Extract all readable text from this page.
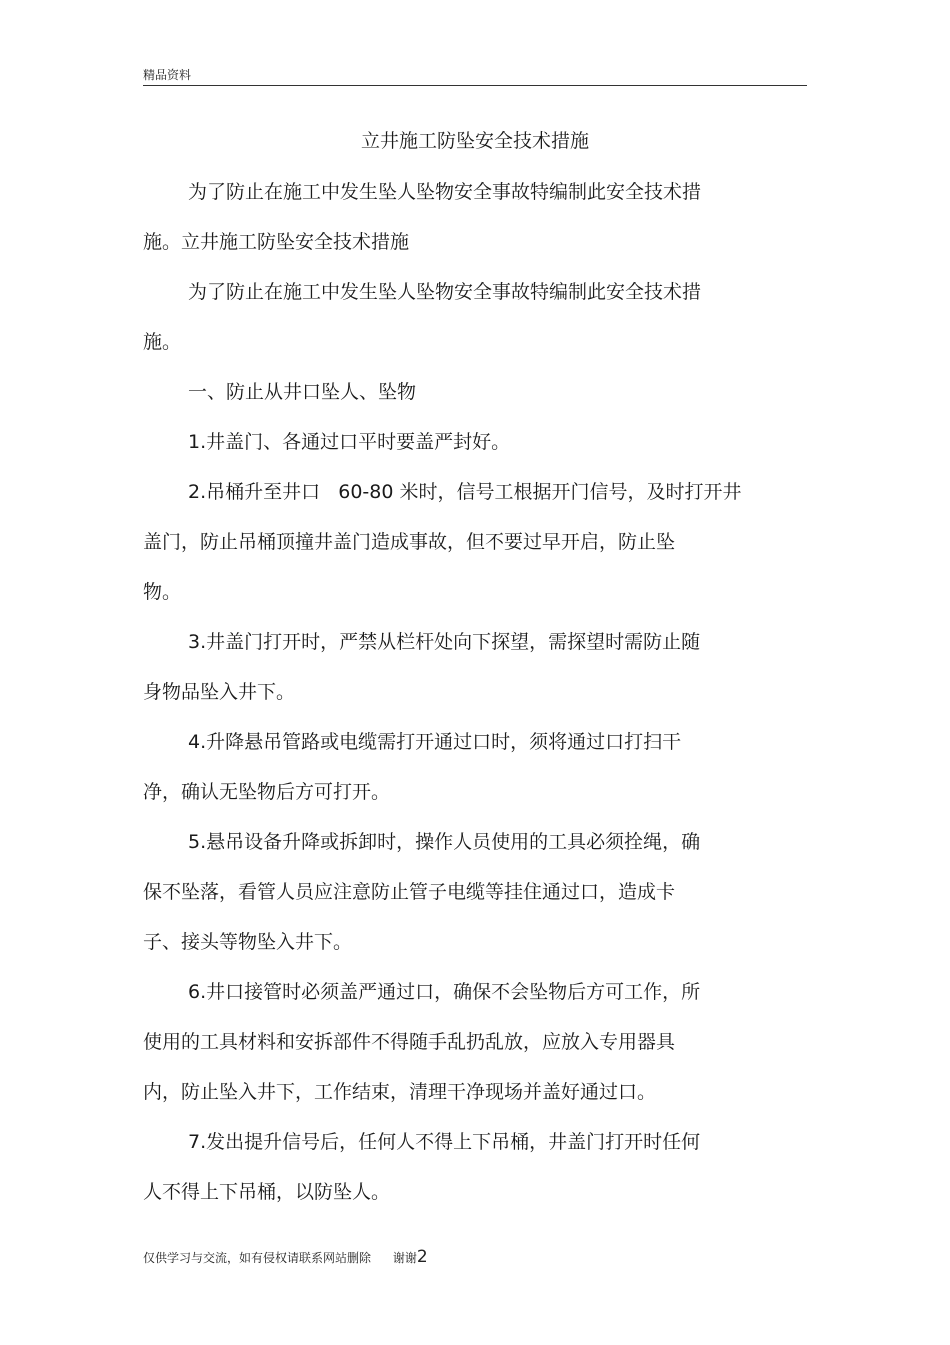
精品资料
立井施工防坠安全技术措施
为了防止在施工中发生坠人坠物安全事故特编制此安全技术措
施。立井施工防坠安全技术措施
为了防止在施工中发生坠人坠物安全事故特编制此安全技术措
施。
一、防止从井口坠人、坠物
1.井盖门、各通过口平时要盖严封好。
2.吊桶升至井口   60-80 米时，信号工根据开门信号，及时打开井
盖门，防止吊桶顶撞井盖门造成事故，但不要过早开启，防止坠
物。
3.井盖门打开时，严禁从栏杆处向下探望，需探望时需防止随
身物品坠入井下。
4.升降悬吊管路或电缆需打开通过口时，须将通过口打扫干
净，确认无坠物后方可打开。
5.悬吊设备升降或拆卸时，操作人员使用的工具必须拴绳，确
保不坠落，看管人员应注意防止管子电缆等挂住通过口，造成卡
子、接头等物坠入井下。
6.井口接管时必须盖严通过口，确保不会坠物后方可工作，所
使用的工具材料和安拆部件不得随手乱扔乱放，应放入专用器具
内，防止坠入井下，工作结束，清理干净现场并盖好通过口。
7.发出提升信号后，任何人不得上下吊桶，井盖门打开时任何
人不得上下吊桶，以防坠人。
仅供学习与交流，如有侵权请联系网站删除 谢谢2
